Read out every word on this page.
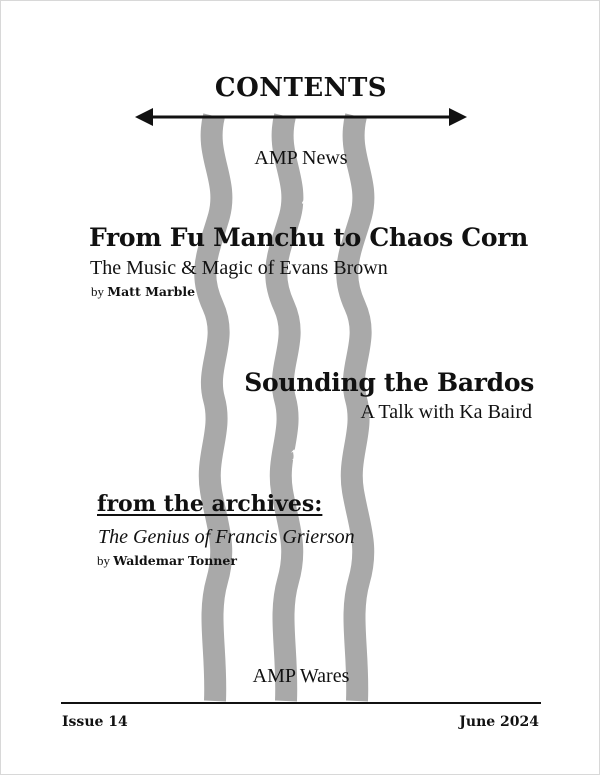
CONTENTS
AMP News
4
5
15
34
From Fu Manchu to Chaos Corn
The Music & Magic of Evans Brown
by Matt Marble
Sounding the Bardos
A Talk with Ka Baird
from the archives:
The Genius of Francis Grierson
by Waldemar Tonner
AMP Wares
Issue 14	June 2024
